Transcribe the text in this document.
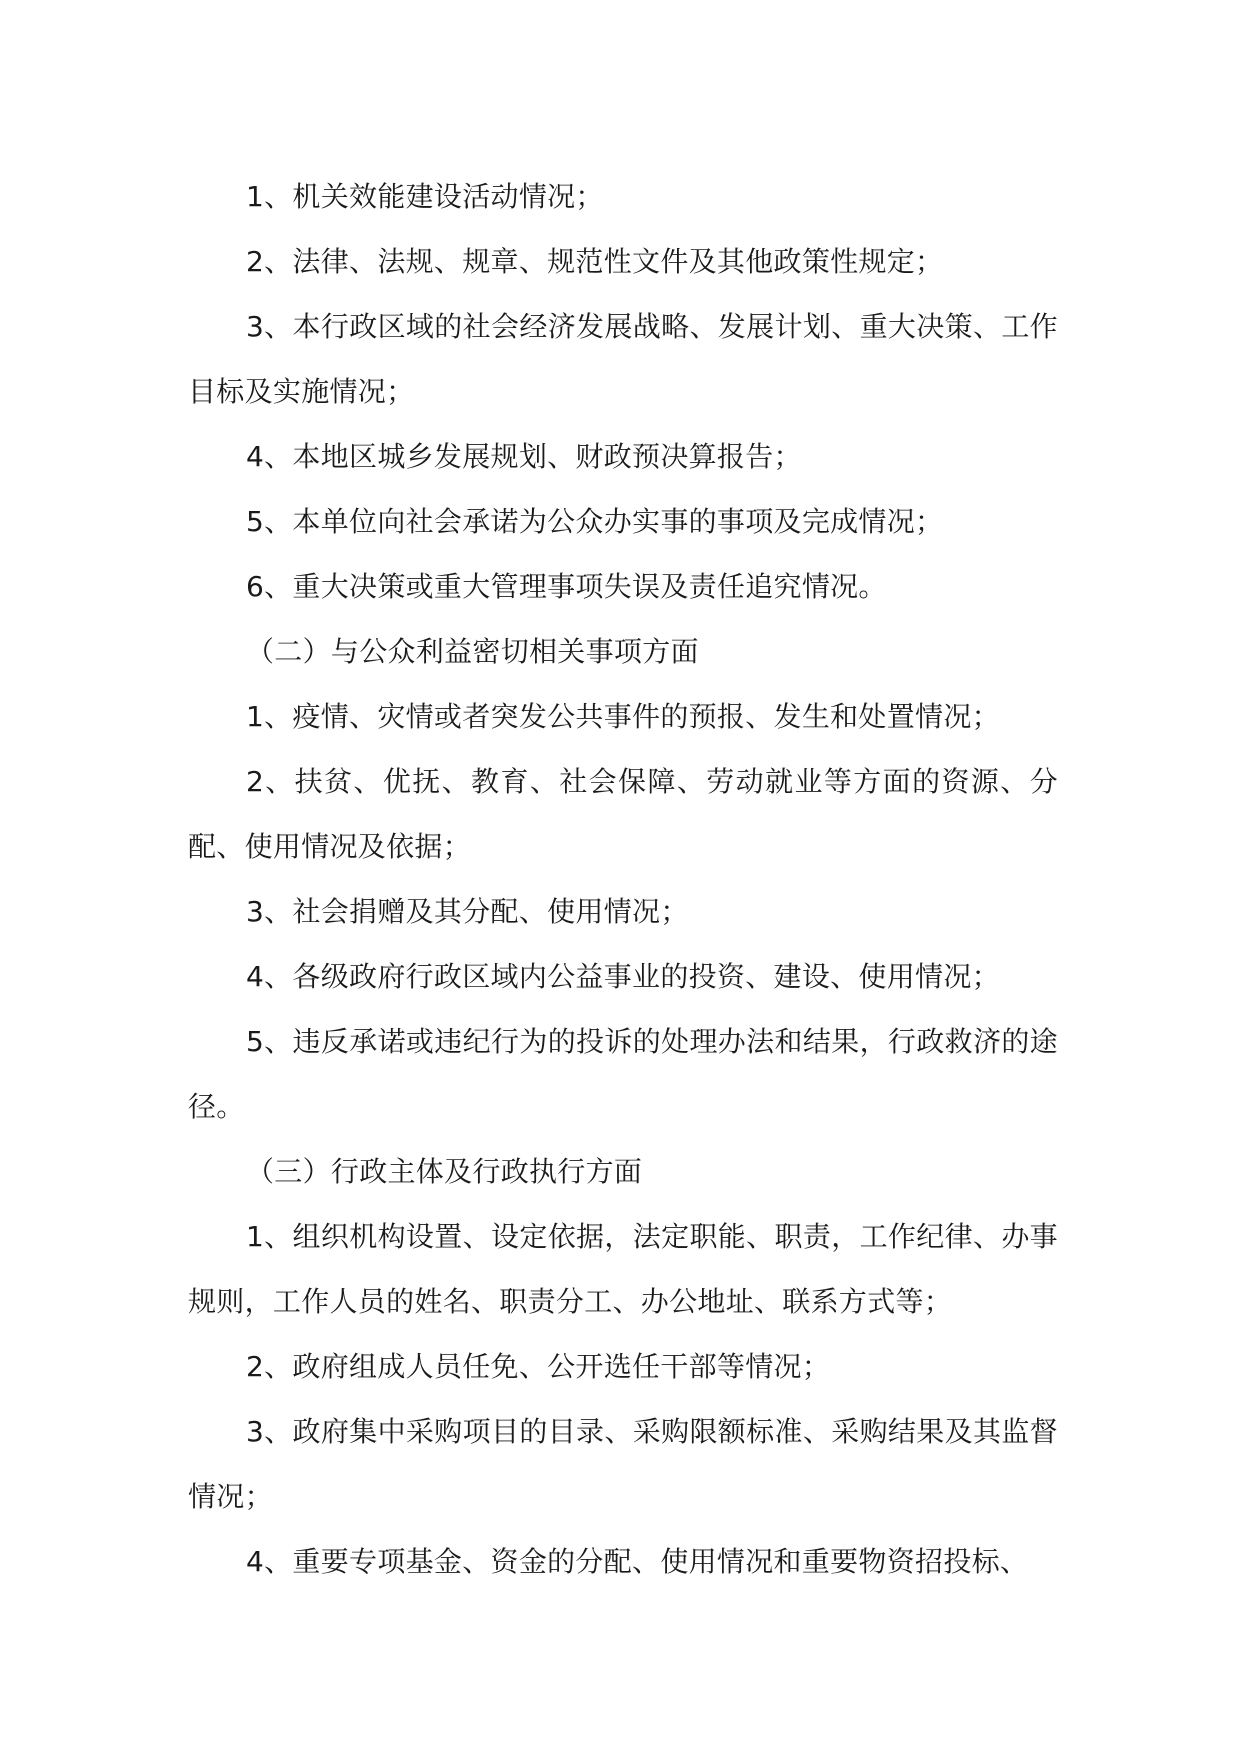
1、机关效能建设活动情况；

2、法律、法规、规章、规范性文件及其他政策性规定；

3、本行政区域的社会经济发展战略、发展计划、重大决策、工作目标及实施情况；

4、本地区城乡发展规划、财政预决算报告；

5、本单位向社会承诺为公众办实事的事项及完成情况；

6、重大决策或重大管理事项失误及责任追究情况。

（二）与公众利益密切相关事项方面

1、疫情、灾情或者突发公共事件的预报、发生和处置情况；

2、扶贫、优抚、教育、社会保障、劳动就业等方面的资源、分配、使用情况及依据；

3、社会捐赠及其分配、使用情况；

4、各级政府行政区域内公益事业的投资、建设、使用情况；

5、违反承诺或违纪行为的投诉的处理办法和结果，行政救济的途径。

（三）行政主体及行政执行方面

1、组织机构设置、设定依据，法定职能、职责，工作纪律、办事规则，工作人员的姓名、职责分工、办公地址、联系方式等；

2、政府组成人员任免、公开选任干部等情况；

3、政府集中采购项目的目录、采购限额标准、采购结果及其监督情况；

4、重要专项基金、资金的分配、使用情况和重要物资招投标、
